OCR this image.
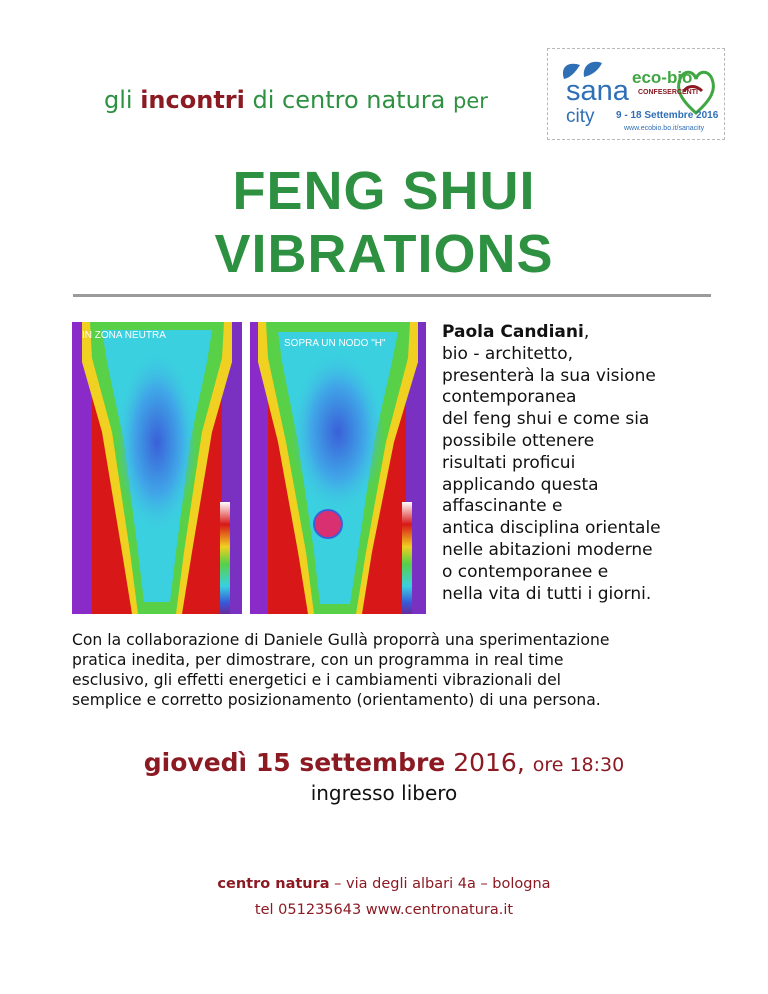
gli incontri di centro natura per	sana
city
eco-bio
CONFESERCENTI
9 - 18 Settembre 2016
www.ecobio.bo.it/sanacity
FENG SHUI
VIBRATIONS
IN ZONA NEUTRA
SOPRA UN NODO "H"
Paola Candiani,
bio - architetto,
presenterà la sua visione
contemporanea
del feng shui e come sia
possibile ottenere
risultati proficui
applicando questa
affascinante e
antica disciplina orientale
nelle abitazioni moderne
o contemporanee e
nella vita di tutti i giorni.
Con la collaborazione di Daniele Gullà proporrà una sperimentazione
pratica inedita, per dimostrare, con un programma in real time
esclusivo, gli effetti energetici e i cambiamenti vibrazionali del
semplice e corretto posizionamento (orientamento) di una persona.
giovedì 15 settembre 2016, ore 18:30
ingresso libero
centro natura – via degli albari 4a – bologna
tel 051235643 www.centronatura.it
